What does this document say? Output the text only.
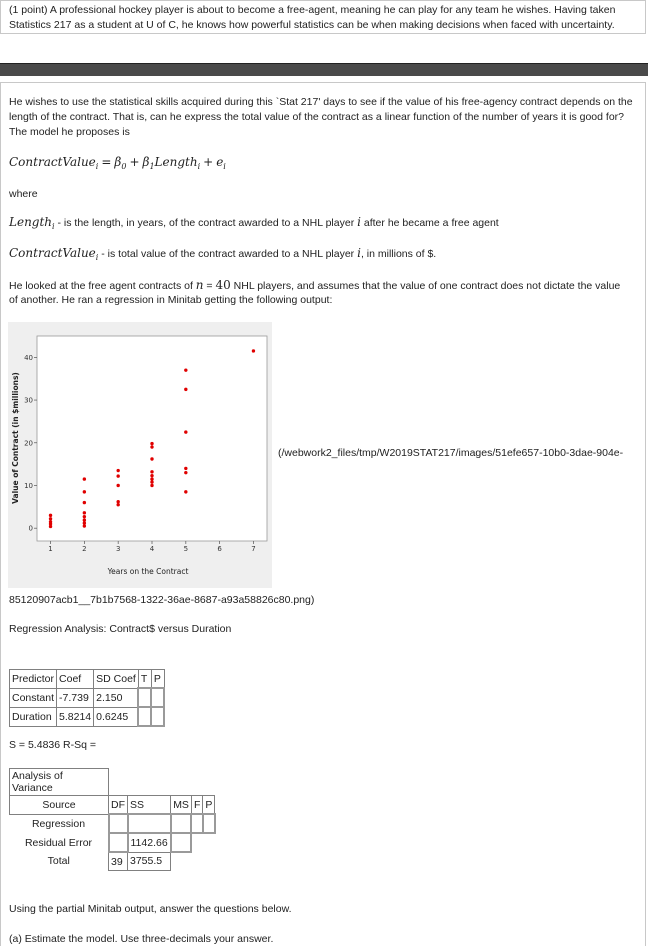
(1 point) A professional hockey player is about to become a free-agent, meaning he can play for any team he wishes. Having taken Statistics 217 as a student at U of C, he knows how powerful statistics can be when making decisions when faced with uncertainty.
He wishes to use the statistical skills acquired during this `Stat 217' days to see if the value of his free-agency contract depends on the length of the contract. That is, can he express the total value of the contract as a linear function of the number of years it is good for? The model he proposes is
ContractValue$_i$ = $\beta_0$ + $\beta_1Length_i + e_i$
where
Length$_i$ - is the length, in years, of the contract awarded to a NHL player i after he became a free agent
ContractValue$_i$ - is total value of the contract awarded to a NHL player i, in millions of $.
He looked at the free agent contracts of n = 40 NHL players, and assumes that the value of one contract does not dictate the value
of another. He ran a regression in Minitab getting the following output:
85120907acb1__7b1b7568-1322-36ae-8687-a93a58826c80.png)
Regression Analysis: Contract$ versus Duration
Predictor	Coef	SD Coef	T	P
Constant	-7.739	2.150		
Duration	5.8214	0.6245		
S = 5.4836 R-Sq =
Analysis of Variance					
Source	DF	SS	MS	F	P
Regression					
Residual Error		1142.66			
Total	39	3755.5			
Using the partial Minitab output, answer the questions below.
(a) Estimate the model. Use three-decimals your answer.
1	2	3	4	5	6	7
0
10
20
30
40
Years on the Contract
Value of Contract (in $millions)	(/webwork2_files/tmp/W2019STAT217/images/51efe657-10b0-3dae-904e-
